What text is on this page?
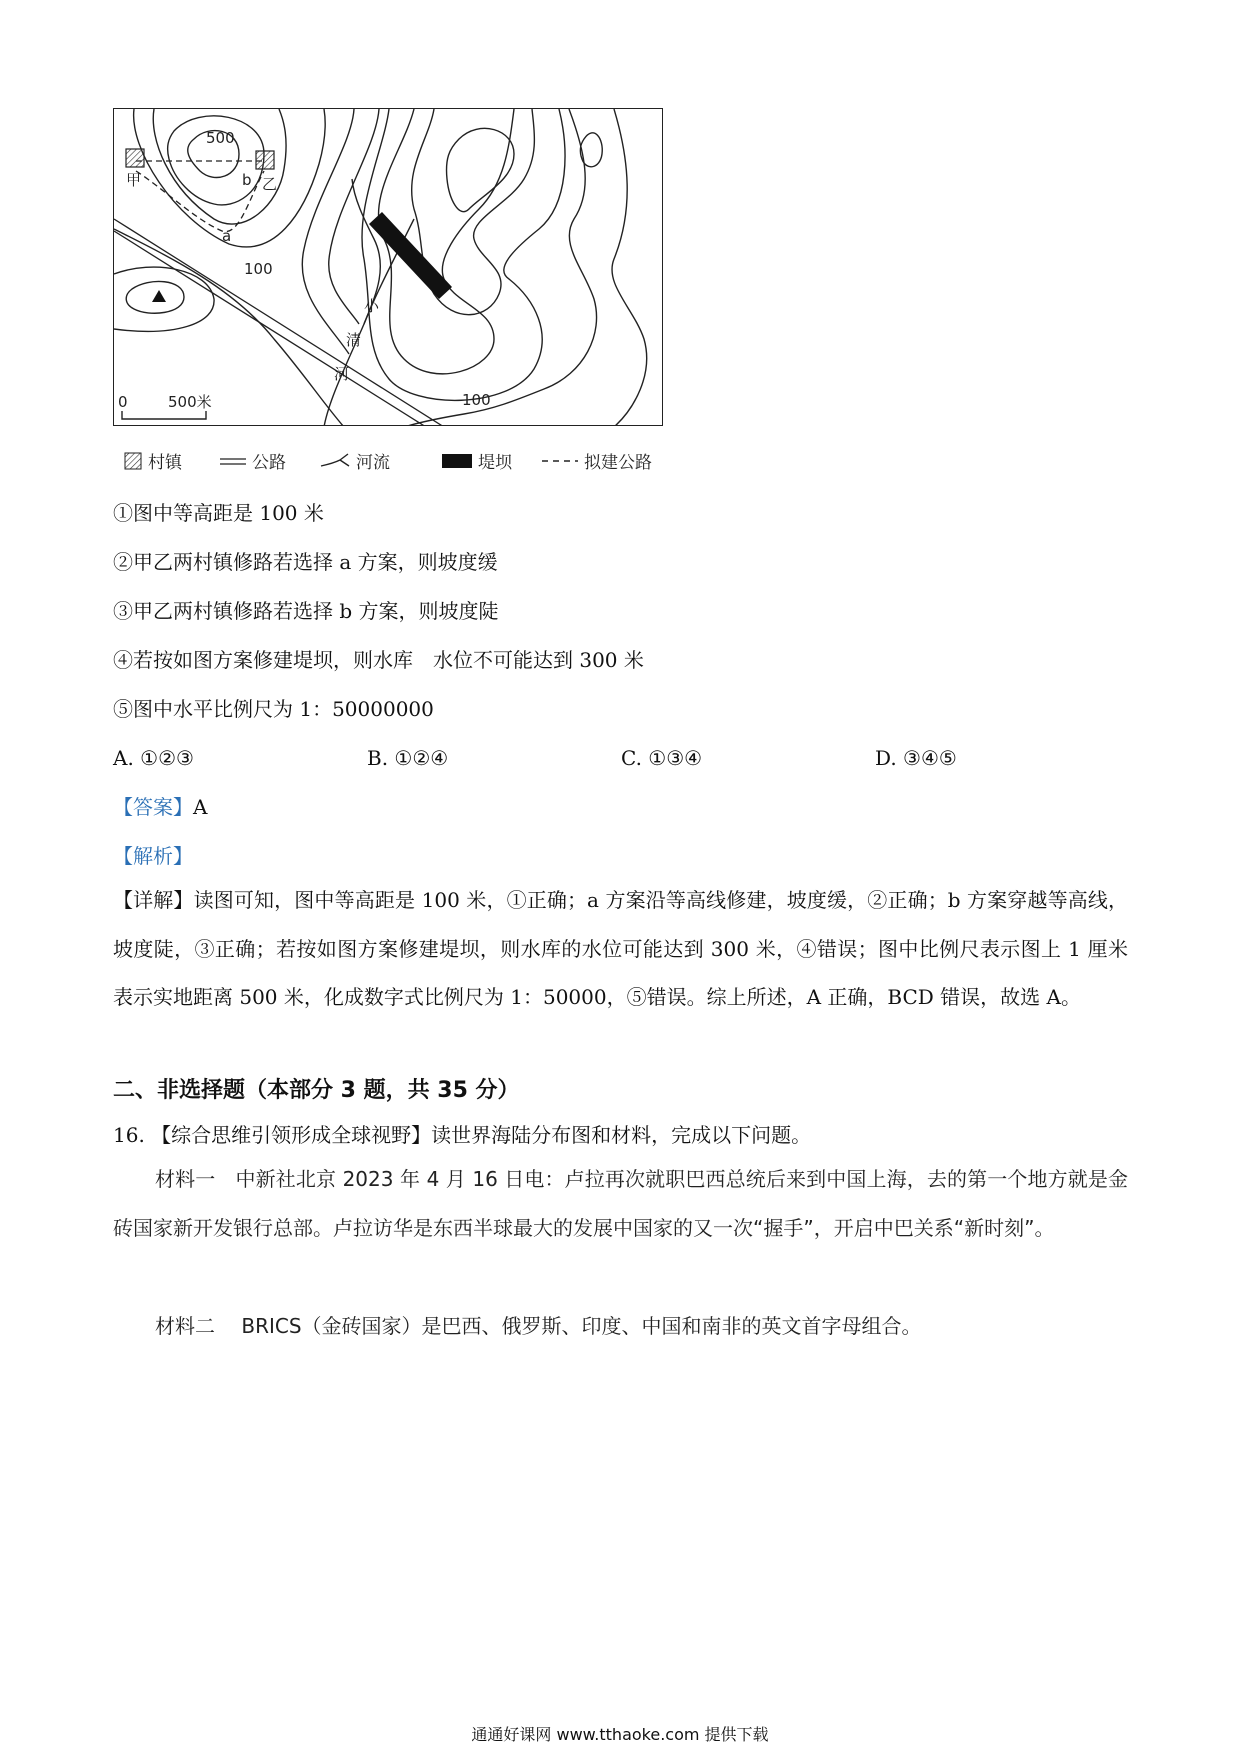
500
b 乙
甲
a
100
小
清
河
100
0	500米
村镇	公路	河流	堤坝	拟建公路
①图中等高距是 100 米
②甲乙两村镇修路若选择 a 方案，则坡度缓
③甲乙两村镇修路若选择 b 方案，则坡度陡
④若按如图方案修建堤坝，则水库　水位不可能达到 300 米
⑤图中水平比例尺为 1：50000000
A. ①②③	B. ①②④	C. ①③④	D. ③④⑤
【答案】A
【解析】
【详解】读图可知，图中等高距是 100 米，①正确；a 方案沿等高线修建，坡度缓，②正确；b 方案穿越等高线，坡度陡，③正确；若按如图方案修建堤坝，则水库的水位可能达到 300 米，④错误；图中比例尺表示图上 1 厘米表示实地距离 500 米，化成数字式比例尺为 1：50000，⑤错误。综上所述，A 正确，BCD 错误，故选 A。
二、非选择题（本部分 3 题，共 35 分）
16. 【综合思维引领形成全球视野】读世界海陆分布图和材料，完成以下问题。
材料一　中新社北京 2023 年 4 月 16 日电：卢拉再次就职巴西总统后来到中国上海，去的第一个地方就是金砖国家新开发银行总部。卢拉访华是东西半球最大的发展中国家的又一次“握手”，开启中巴关系“新时刻”。
材料二　 BRICS（金砖国家）是巴西、俄罗斯、印度、中国和南非的英文首字母组合。
通通好课网 www.tthaoke.com 提供下载
